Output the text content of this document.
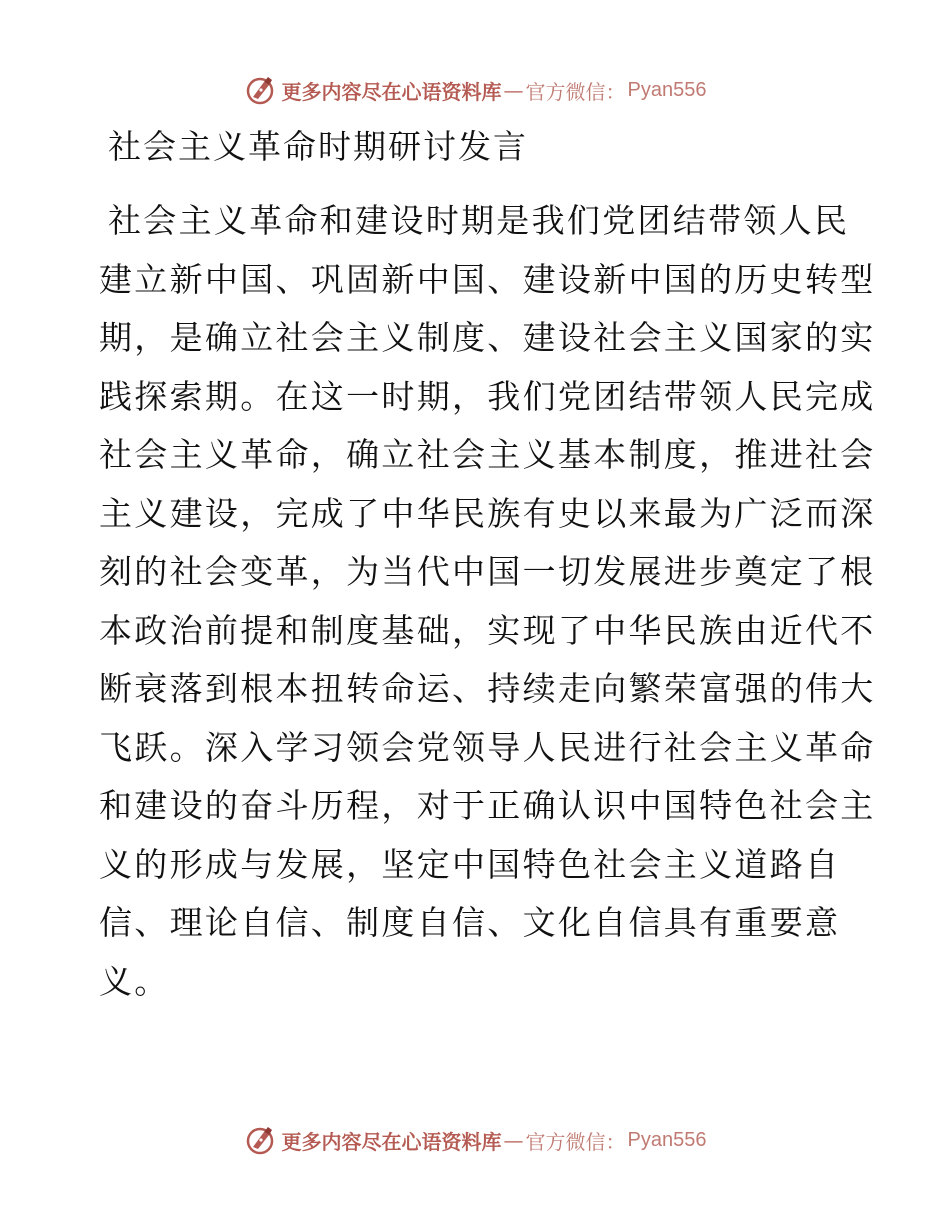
更多内容尽在心语资料库 — 官方微信： Pyan556
社会主义革命时期研讨发言
社会主义革命和建设时期是我们党团结带领人民
建立新中国、巩固新中国、建设新中国的历史转型
期，是确立社会主义制度、建设社会主义国家的实
践探索期。在这一时期，我们党团结带领人民完成
社会主义革命，确立社会主义基本制度，推进社会
主义建设，完成了中华民族有史以来最为广泛而深
刻的社会变革，为当代中国一切发展进步奠定了根
本政治前提和制度基础，实现了中华民族由近代不
断衰落到根本扭转命运、持续走向繁荣富强的伟大
飞跃。深入学习领会党领导人民进行社会主义革命
和建设的奋斗历程，对于正确认识中国特色社会主
义的形成与发展，坚定中国特色社会主义道路自
信、理论自信、制度自信、文化自信具有重要意
义。
更多内容尽在心语资料库 — 官方微信： Pyan556
